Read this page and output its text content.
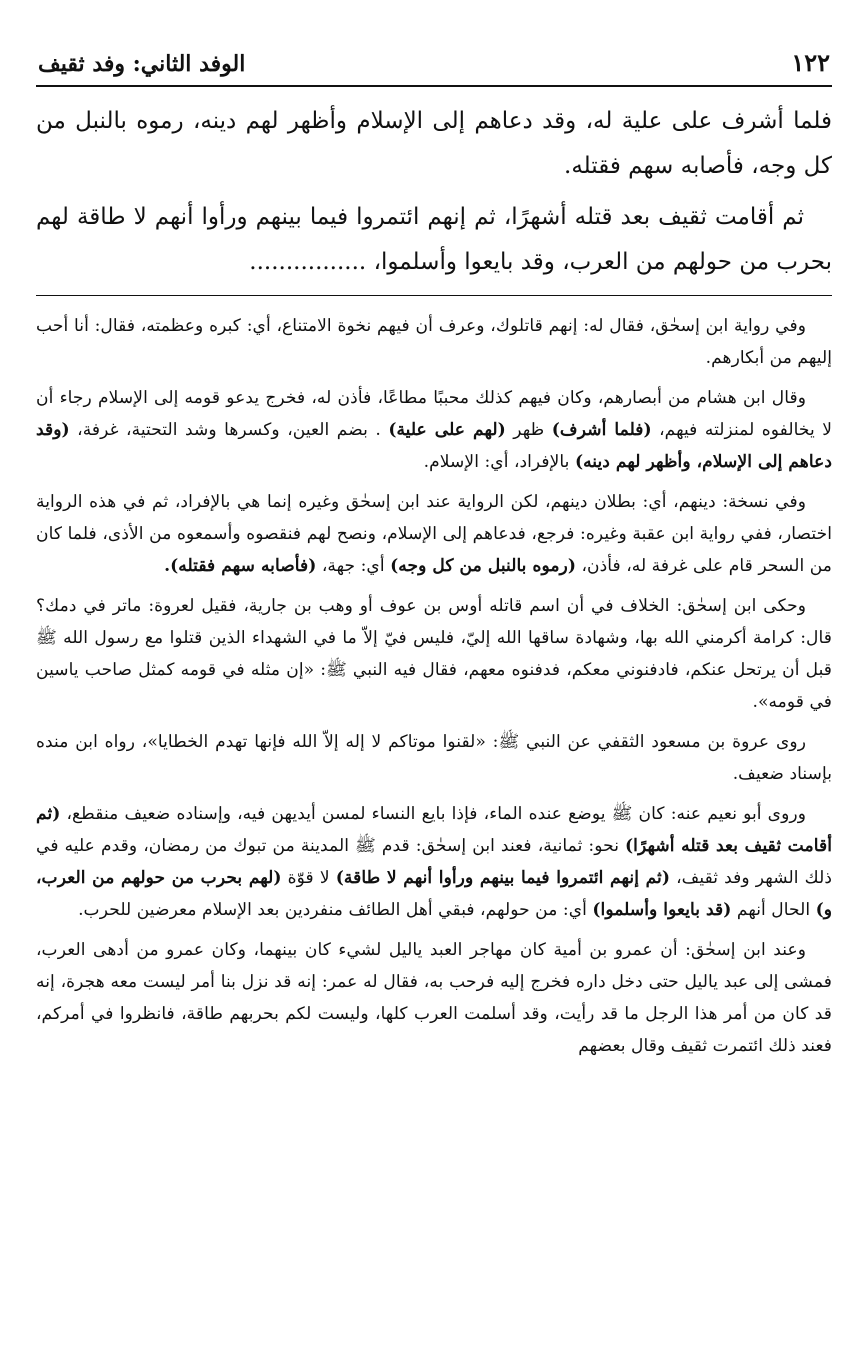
١٢٢
الوفد الثاني: وفد ثقيف

فلما أشرف على علية له، وقد دعاهم إلى الإسلام وأظهر لهم دينه، رموه بالنبل من كل وجه، فأصابه سهم فقتله.

ثم أقامت ثقيف بعد قتله أشهرًا، ثم إنهم ائتمروا فيما بينهم ورأوا أنهم لا طاقة لهم بحرب من حولهم من العرب، وقد بايعوا وأسلموا، ................

وفي رواية ابن إسحٰق، فقال له: إنهم قاتلوك، وعرف أن فيهم نخوة الامتناع، أي: كبره وعظمته، فقال: أنا أحب إليهم من أبكارهم.

وقال ابن هشام من أبصارهم، وكان فيهم كذلك محببًا مطاعًا، فأذن له، فخرج يدعو قومه إلى الإسلام رجاء أن لا يخالفوه لمنزلته فيهم، (فلما أشرف) ظهر (لهم على علية) . بضم العين، وكسرها وشد التحتية، غرفة، (وقد دعاهم إلى الإسلام، وأظهر لهم دينه) بالإفراد، أي: الإسلام.

وفي نسخة: دينهم، أي: بطلان دينهم، لكن الرواية عند ابن إسحٰق وغيره إنما هي بالإفراد، ثم في هذه الرواية اختصار، ففي رواية ابن عقبة وغيره: فرجع، فدعاهم إلى الإسلام، ونصح لهم فنقصوه وأسمعوه من الأذى، فلما كان من السحر قام على غرفة له، فأذن، (رموه بالنبل من كل وجه) أي: جهة، (فأصابه سهم فقتله).

وحكى ابن إسحٰق: الخلاف في أن اسم قاتله أوس بن عوف أو وهب بن جارية، فقيل لعروة: ماتر في دمك؟ قال: كرامة أكرمني الله بها، وشهادة ساقها الله إليّ، فليس فيّ إلاّ ما في الشهداء الذين قتلوا مع رسول الله ﷺ قبل أن يرتحل عنكم، فادفنوني معكم، فدفنوه معهم، فقال فيه النبي ﷺ: «إن مثله في قومه كمثل صاحب ياسين في قومه».

روى عروة بن مسعود الثقفي عن النبي ﷺ: «لقنوا موتاكم لا إله إلاّ الله فإنها تهدم الخطايا»، رواه ابن منده بإسناد ضعيف.

وروى أبو نعيم عنه: كان ﷺ يوضع عنده الماء، فإذا بايع النساء لمسن أيديهن فيه، وإسناده ضعيف منقطع، (ثم أقامت ثقيف بعد قتله أشهرًا) نحو: ثمانية، فعند ابن إسحٰق: قدم ﷺ المدينة من تبوك من رمضان، وقدم عليه في ذلك الشهر وفد ثقيف، (ثم إنهم ائتمروا فيما بينهم ورأوا أنهم لا طاقة) لا قوّة (لهم بحرب من حولهم من العرب، و) الحال أنهم (قد بايعوا وأسلموا) أي: من حولهم، فبقي أهل الطائف منفردين بعد الإسلام معرضين للحرب.

وعند ابن إسحٰق: أن عمرو بن أمية كان مهاجر العبد ياليل لشيء كان بينهما، وكان عمرو من أدهى العرب، فمشى إلى عبد ياليل حتى دخل داره فخرج إليه فرحب به، فقال له عمر: إنه قد نزل بنا أمر ليست معه هجرة، إنه قد كان من أمر هذا الرجل ما قد رأيت، وقد أسلمت العرب كلها، وليست لكم بحربهم طاقة، فانظروا في أمركم، فعند ذلك ائتمرت ثقيف وقال بعضهم
